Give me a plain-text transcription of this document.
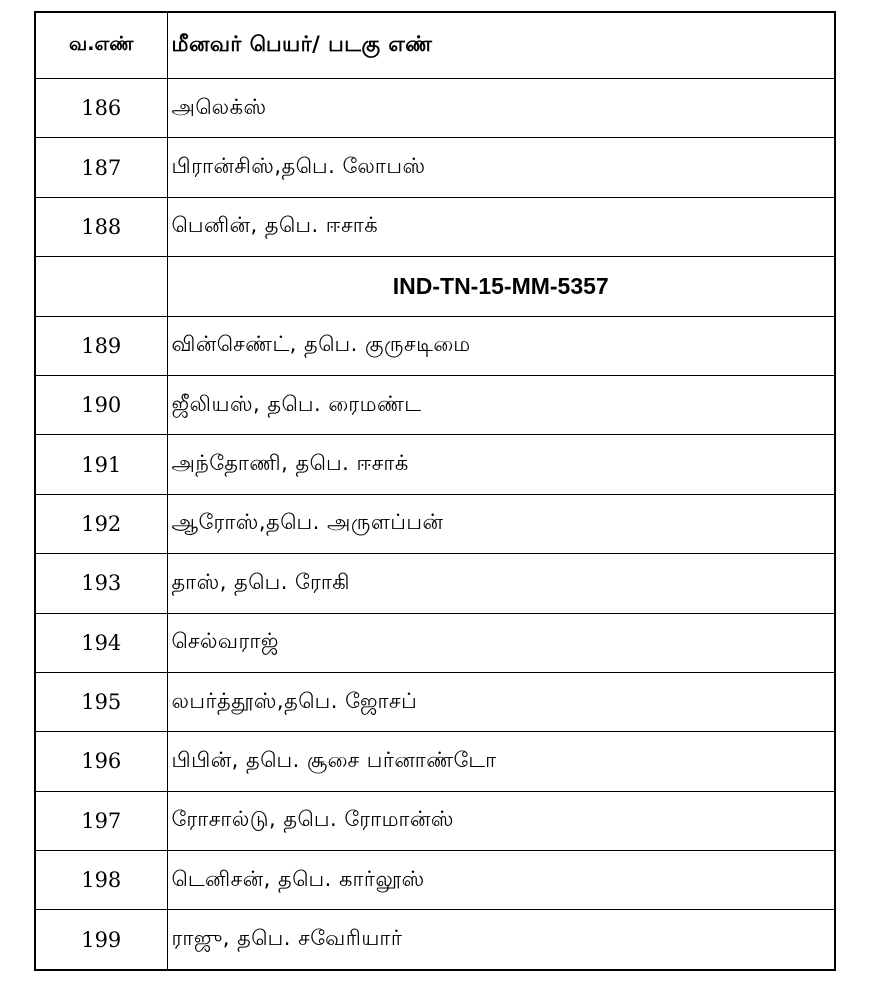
வ.எண்	மீனவர் பெயர்/ படகு எண்
186	அலெக்ஸ்
187	பிரான்சிஸ்,தபெ. லோபஸ்
188	பெனின், தபெ. ஈசாக்
	IND-TN-15-MM-5357
189	வின்செண்ட், தபெ. குருசடிமை
190	ஜீலியஸ், தபெ. ரைமண்ட
191	அந்தோணி, தபெ. ஈசாக்
192	ஆரோஸ்,தபெ. அருளப்பன்
193	தாஸ், தபெ. ரோகி
194	செல்வராஜ்
195	லபர்த்தூஸ்,தபெ. ஜோசப்
196	பிபின், தபெ. சூசை பர்னாண்டோ
197	ரோசால்டு, தபெ. ரோமான்ஸ்
198	டெனிசன், தபெ. கார்லூஸ்
199	ராஜு, தபெ. சவேரியார்
